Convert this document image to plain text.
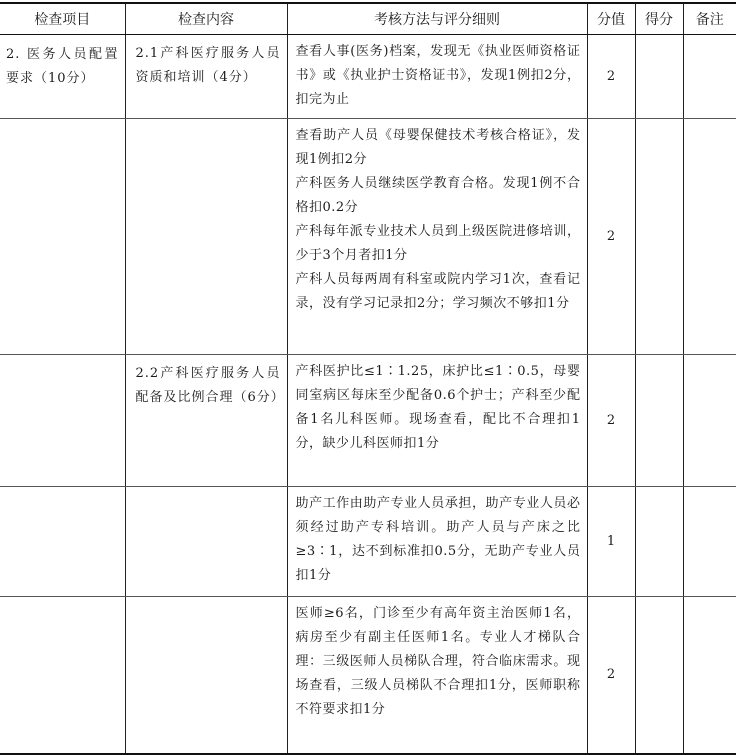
检查项目	检查内容	考核方法与评分细则	分值	得分	备注

2. 医务人员配置要求（10分）	2.1产科医疗服务人员资质和培训（4分）	查看人事(医务)档案，发现无《执业医师资格证书》或《执业护士资格证书》，发现1例扣2分，扣完为止	2		

		查看助产人员《母婴保健技术考核合格证》，发现1例扣2分
产科医务人员继续医学教育合格。发现1例不合格扣0.2分
产科每年派专业技术人员到上级医院进修培训，少于3个月者扣1分
产科人员每两周有科室或院内学习1次，查看记录，没有学习记录扣2分；学习频次不够扣1分	2		

	2.2产科医疗服务人员配备及比例合理（6分）	产科医护比≤1∶1.25，床护比≤1∶0.5，母婴同室病区每床至少配备0.6个护士；产科至少配备1名儿科医师。现场查看，配比不合理扣1分，缺少儿科医师扣1分	2		

		助产工作由助产专业人员承担，助产专业人员必须经过助产专科培训。助产人员与产床之比≥3∶1，达不到标准扣0.5分，无助产专业人员扣1分	1		

		医师≥6名，门诊至少有高年资主治医师1名，病房至少有副主任医师1名。专业人才梯队合理：三级医师人员梯队合理，符合临床需求。现场查看，三级人员梯队不合理扣1分，医师职称不符要求扣1分	2		
